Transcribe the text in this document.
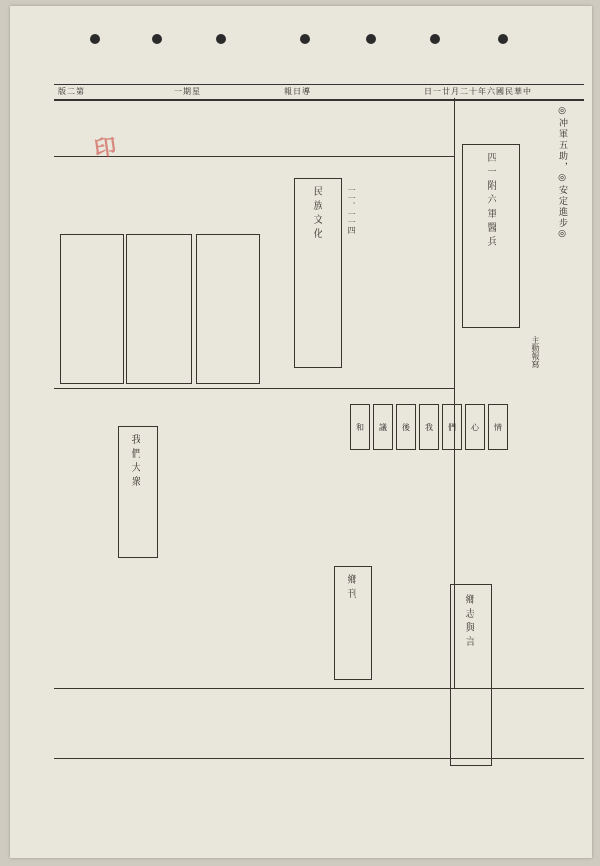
版二第	一期星	報日導	日一廿月二十年六國民華中
四一附六軍醫兵	◎冲軍五助，◎安定進步◎
主動報寫
民族文化	一一．一一四
和	議	後	我	們	心	情
我們大衆
鄉刊
鄉志與言
印
